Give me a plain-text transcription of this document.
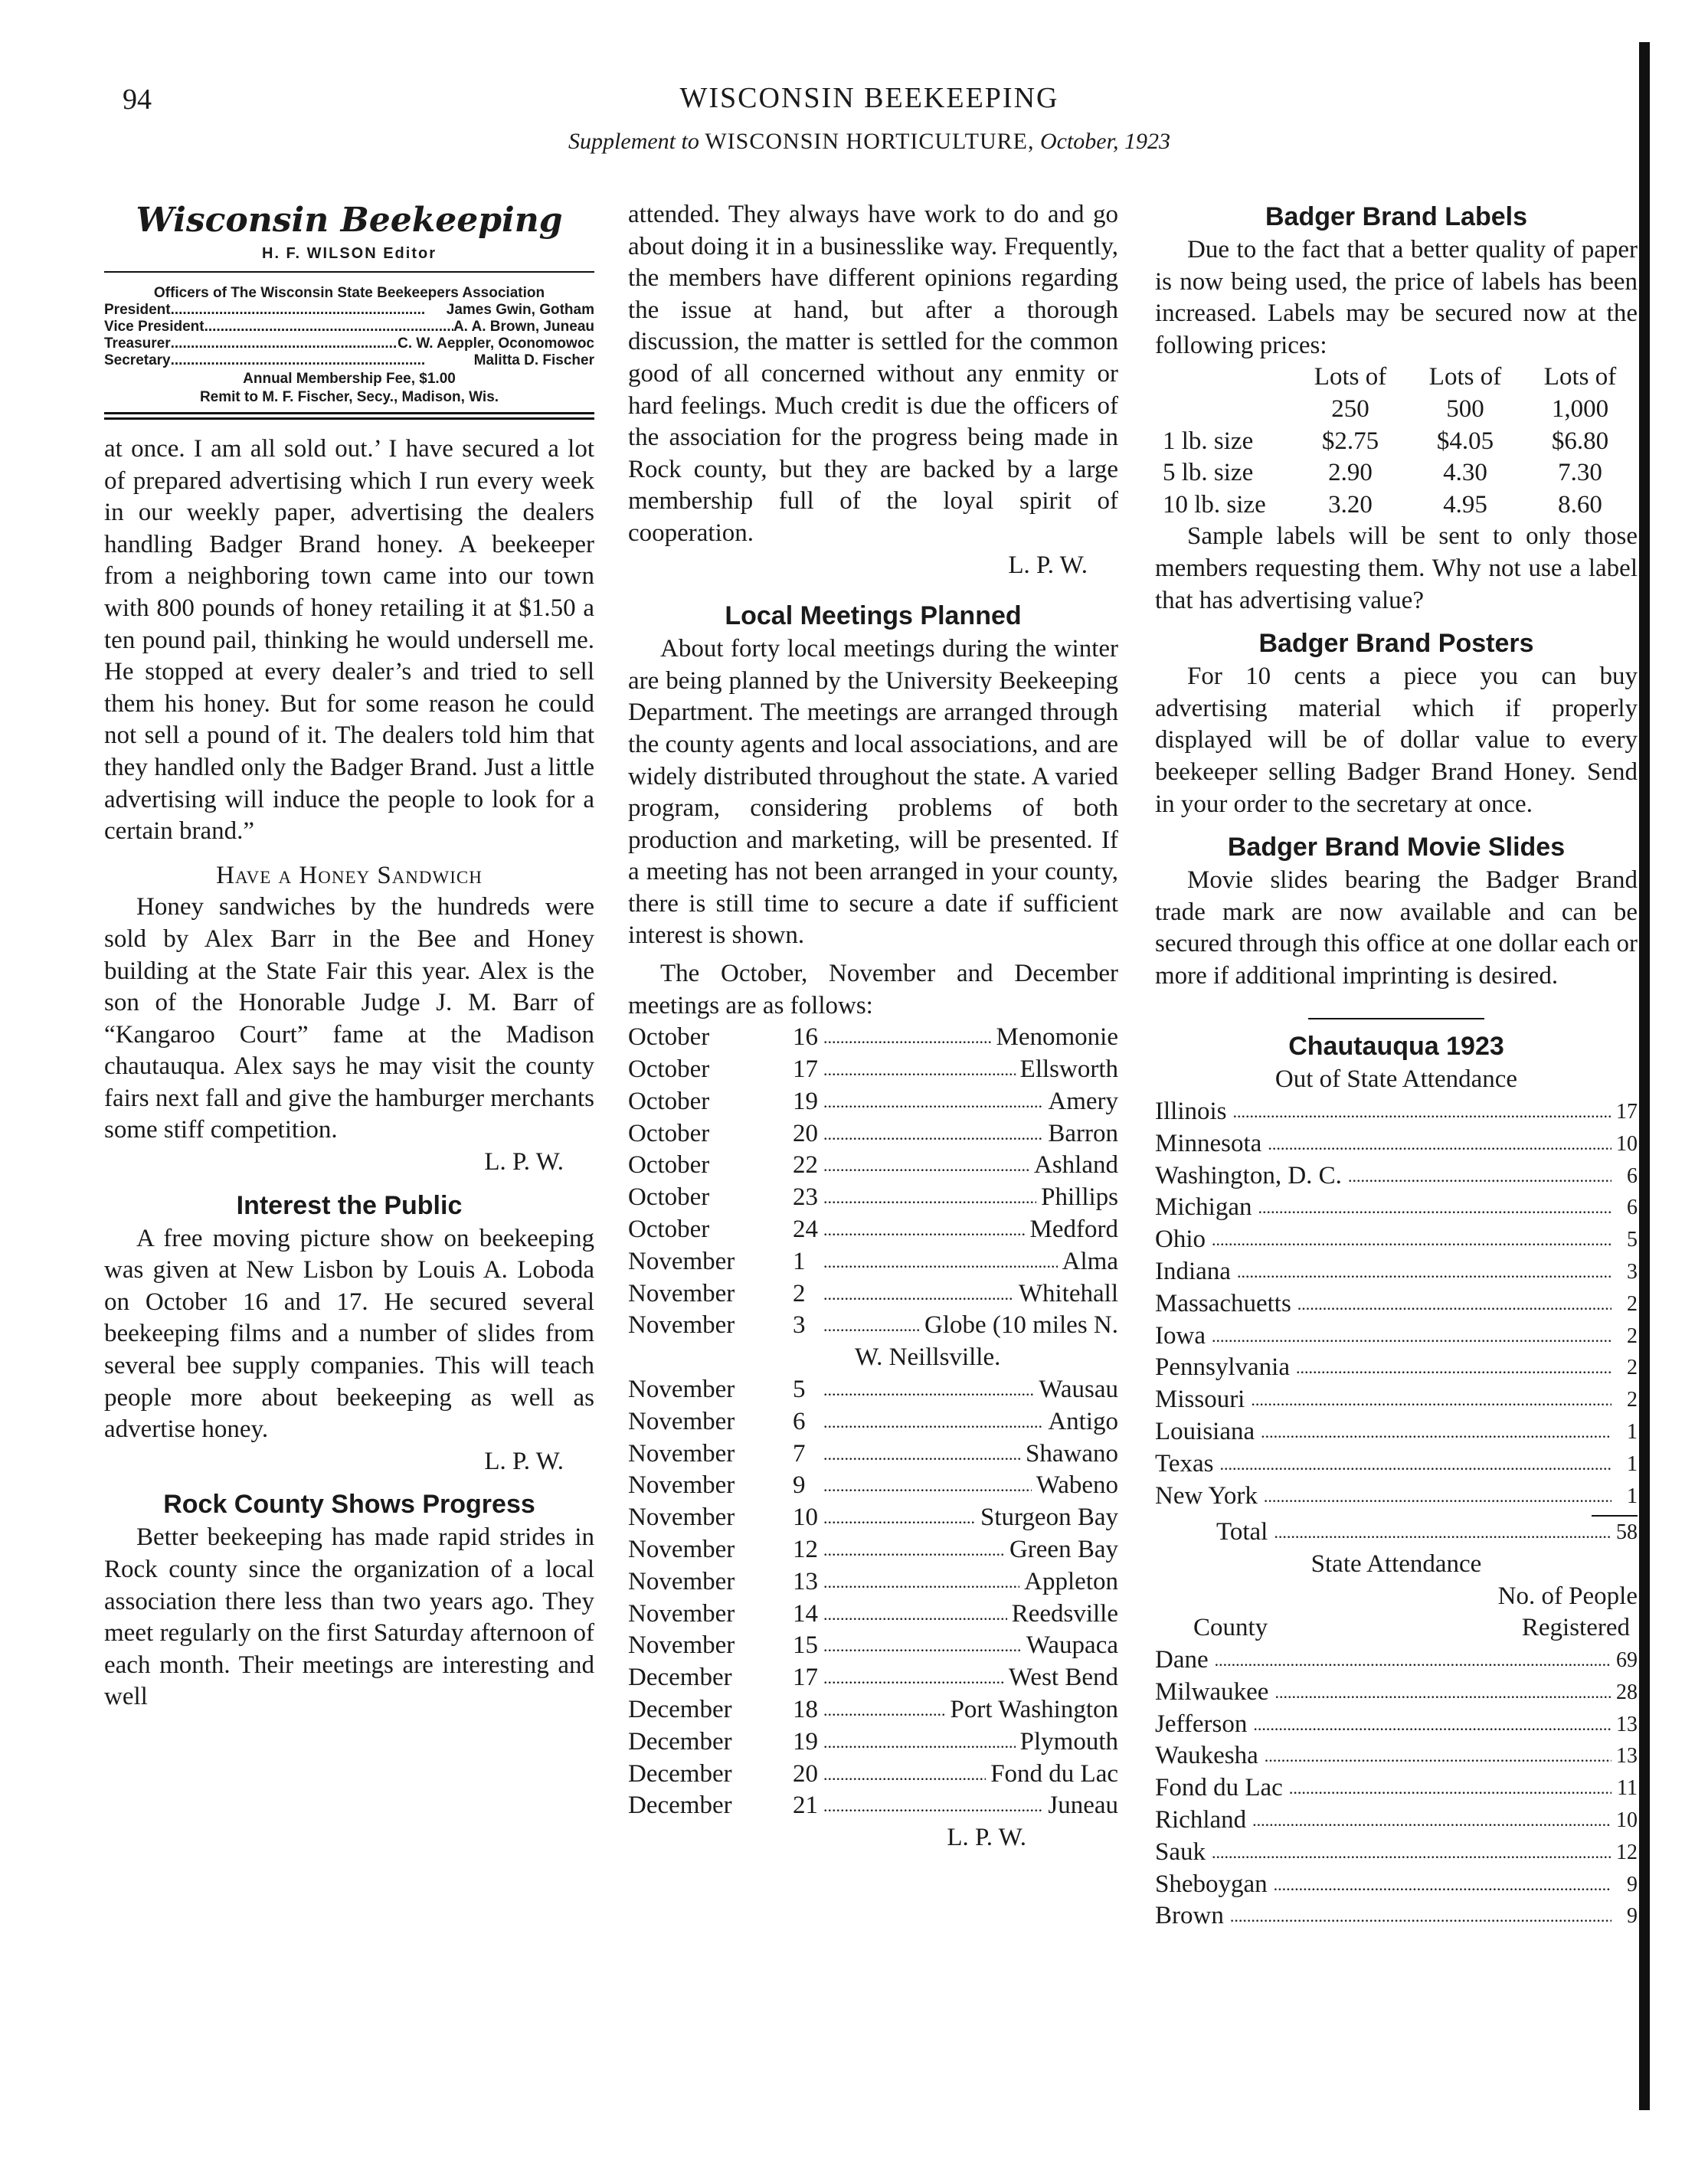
94	WISCONSIN BEEKEEPING
Supplement to WISCONSIN HORTICULTURE, October, 1923
Wisconsin Beekeeping
H. F. WILSON Editor
Officers of The Wisconsin State Beekeepers Association
President .....	James Gwin, Gotham
Vice President .....	A. A. Brown, Juneau
Treasurer .....	C. W. Aeppler, Oconomowoc
Secretary .....	Malitta D. Fischer
Annual Membership Fee, $1.00
Remit to M. F. Fischer, Secy., Madison, Wis.

at once. I am all sold out.’ I have secured a lot of prepared advertising which I run every week in our weekly paper, advertising the dealers handling Badger Brand honey. A beekeeper from a neighboring town came into our town with 800 pounds of honey retailing it at $1.50 a ten pound pail, thinking he would undersell me. He stopped at every dealer’s and tried to sell them his honey. But for some reason he could not sell a pound of it. The dealers told him that they handled only the Badger Brand. Just a little advertising will induce the people to look for a certain brand.”

Have a Honey Sandwich

Honey sandwiches by the hundreds were sold by Alex Barr in the Bee and Honey building at the State Fair this year. Alex is the son of the Honorable Judge J. M. Barr of “Kangaroo Court” fame at the Madison chautauqua. Alex says he may visit the county fairs next fall and give the hamburger merchants some stiff competition.

L. P. W.
Interest the Public

A free moving picture show on beekeeping was given at New Lisbon by Louis A. Loboda on October 16 and 17. He secured several beekeeping films and a number of slides from several bee supply companies. This will teach people more about beekeeping as well as advertise honey.

L. P. W.
Rock County Shows Progress

Better beekeeping has made rapid strides in Rock county since the organization of a local association there less than two years ago. They meet regularly on the first Saturday afternoon of each month. Their meetings are interesting and well

attended. They always have work to do and go about doing it in a businesslike way. Frequently, the members have different opinions regarding the issue at hand, but after a thorough discussion, the matter is settled for the common good of all concerned without any enmity or hard feelings. Much credit is due the officers of the association for the progress being made in Rock county, but they are backed by a large membership full of the loyal spirit of cooperation.

L. P. W.
Local Meetings Planned

About forty local meetings during the winter are being planned by the University Beekeeping Department. The meetings are arranged through the county agents and local associations, and are widely distributed throughout the state. A varied program, considering problems of both production and marketing, will be presented. If a meeting has not been arranged in your county, there is still time to secure a date if sufficient interest is shown.

The October, November and December meetings are as follows:

October	16 .....	Menomonie
October	17 .....	Ellsworth
October	19 .....	Amery
October	20 .....	Barron
October	22 .....	Ashland
October	23 .....	Phillips
October	24 .....	Medford
November	1 .....	Alma
November	2 .....	Whitehall
November	3 .....	Globe (10 miles N.
W. Neillsville.
November	5 .....	Wausau
November	6 .....	Antigo
November	7 .....	Shawano
November	9 .....	Wabeno
November	10 .....	Sturgeon Bay
November	12 .....	Green Bay
November	13 .....	Appleton
November	14 .....	Reedsville
November	15 .....	Waupaca
December	17 .....	West Bend
December	18 .....	Port Washington
December	19 .....	Plymouth
December	20 .....	Fond du Lac
December	21 .....	Juneau
L. P. W.
Badger Brand Labels

Due to the fact that a better quality of paper is now being used, the price of labels has been increased. Labels may be secured now at the following prices:

Lots of 250
Lots of 500
Lots of 1,000
1 lb. size	$2.75	$4.05	$6.80
5 lb. size	2.90	4.30	7.30
10 lb. size	3.20	4.95	8.60

Sample labels will be sent to only those members requesting them. Why not use a label that has advertising value?

Badger Brand Posters

For 10 cents a piece you can buy advertising material which if properly displayed will be of dollar value to every beekeeper selling Badger Brand Honey. Send in your order to the secretary at once.

Badger Brand Movie Slides

Movie slides bearing the Badger Brand trade mark are now available and can be secured through this office at one dollar each or more if additional imprinting is desired.

Chautauqua 1923
Out of State Attendance
Illinois .....	17
Minnesota .....	10
Washington, D. C. .....	6
Michigan .....	6
Ohio .....	5
Indiana .....	3
Massachuetts .....	2
Iowa .....	2
Pennsylvania .....	2
Missouri .....	2
Louisiana .....	1
Texas .....	1
New York .....	1
Total .....	58
State Attendance
No. of People
County	Registered
Dane .....	69
Milwaukee .....	28
Jefferson .....	13
Waukesha .....	13
Fond du Lac .....	11
Richland .....	10
Sauk .....	12
Sheboygan .....	9
Brown .....	9
